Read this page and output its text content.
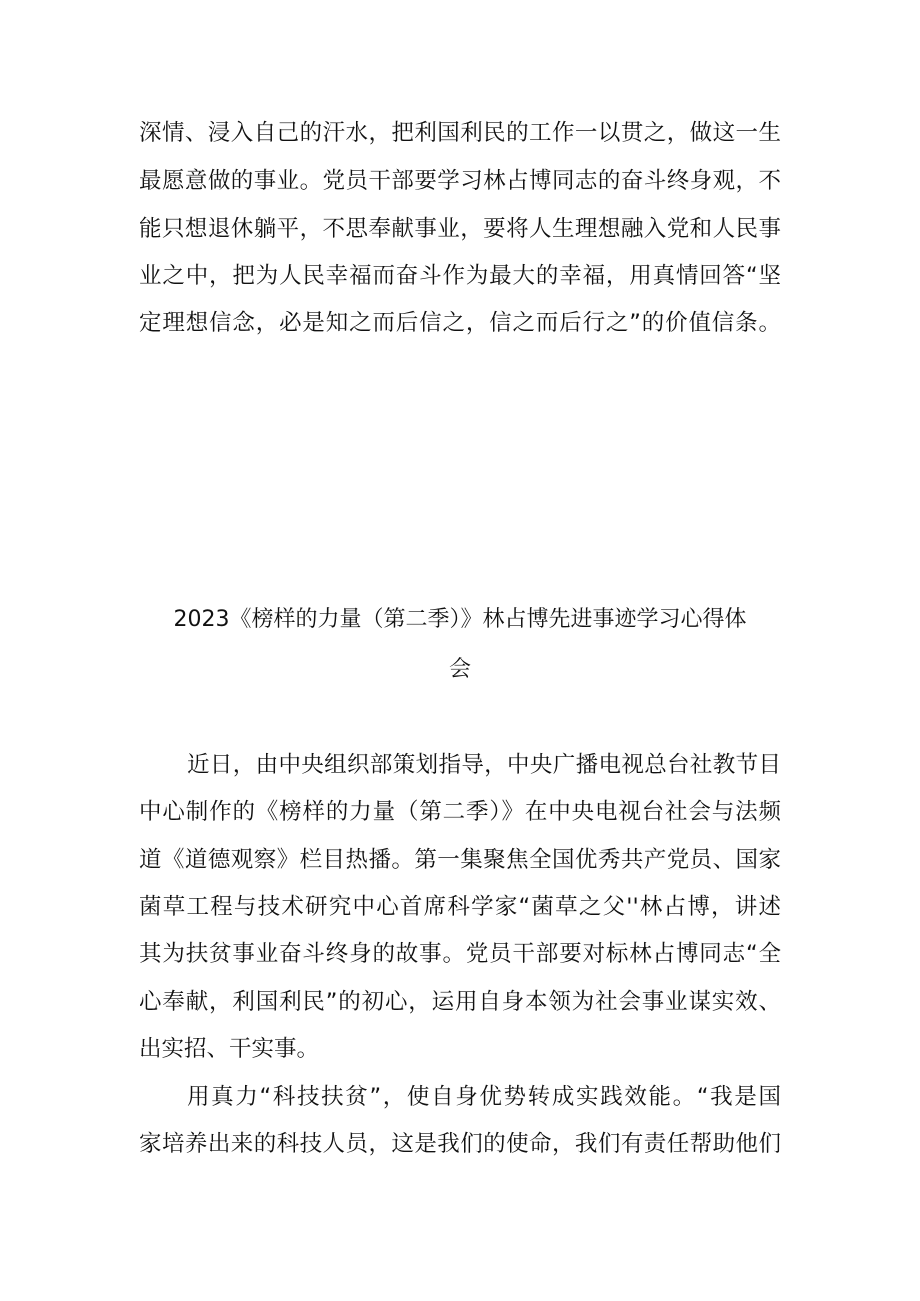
深情、浸入自己的汗水，把利国利民的工作一以贯之，做这一生
最愿意做的事业。党员干部要学习林占博同志的奋斗终身观，不
能只想退休躺平，不思奉献事业，要将人生理想融入党和人民事
业之中，把为人民幸福而奋斗作为最大的幸福，用真情回答“坚
定理想信念，必是知之而后信之，信之而后行之”的价值信条。
2023《榜样的力量（第二季）》林占博先进事迹学习心得体
会
近日，由中央组织部策划指导，中央广播电视总台社教节目
中心制作的《榜样的力量（第二季）》在中央电视台社会与法频
道《道德观察》栏目热播。第一集聚焦全国优秀共产党员、国家
菌草工程与技术研究中心首席科学家“菌草之父''林占博，讲述
其为扶贫事业奋斗终身的故事。党员干部要对标林占博同志“全
心奉献，利国利民”的初心，运用自身本领为社会事业谋实效、
出实招、干实事。
用真力“科技扶贫”，使自身优势转成实践效能。“我是国
家培养出来的科技人员，这是我们的使命，我们有责任帮助他们
